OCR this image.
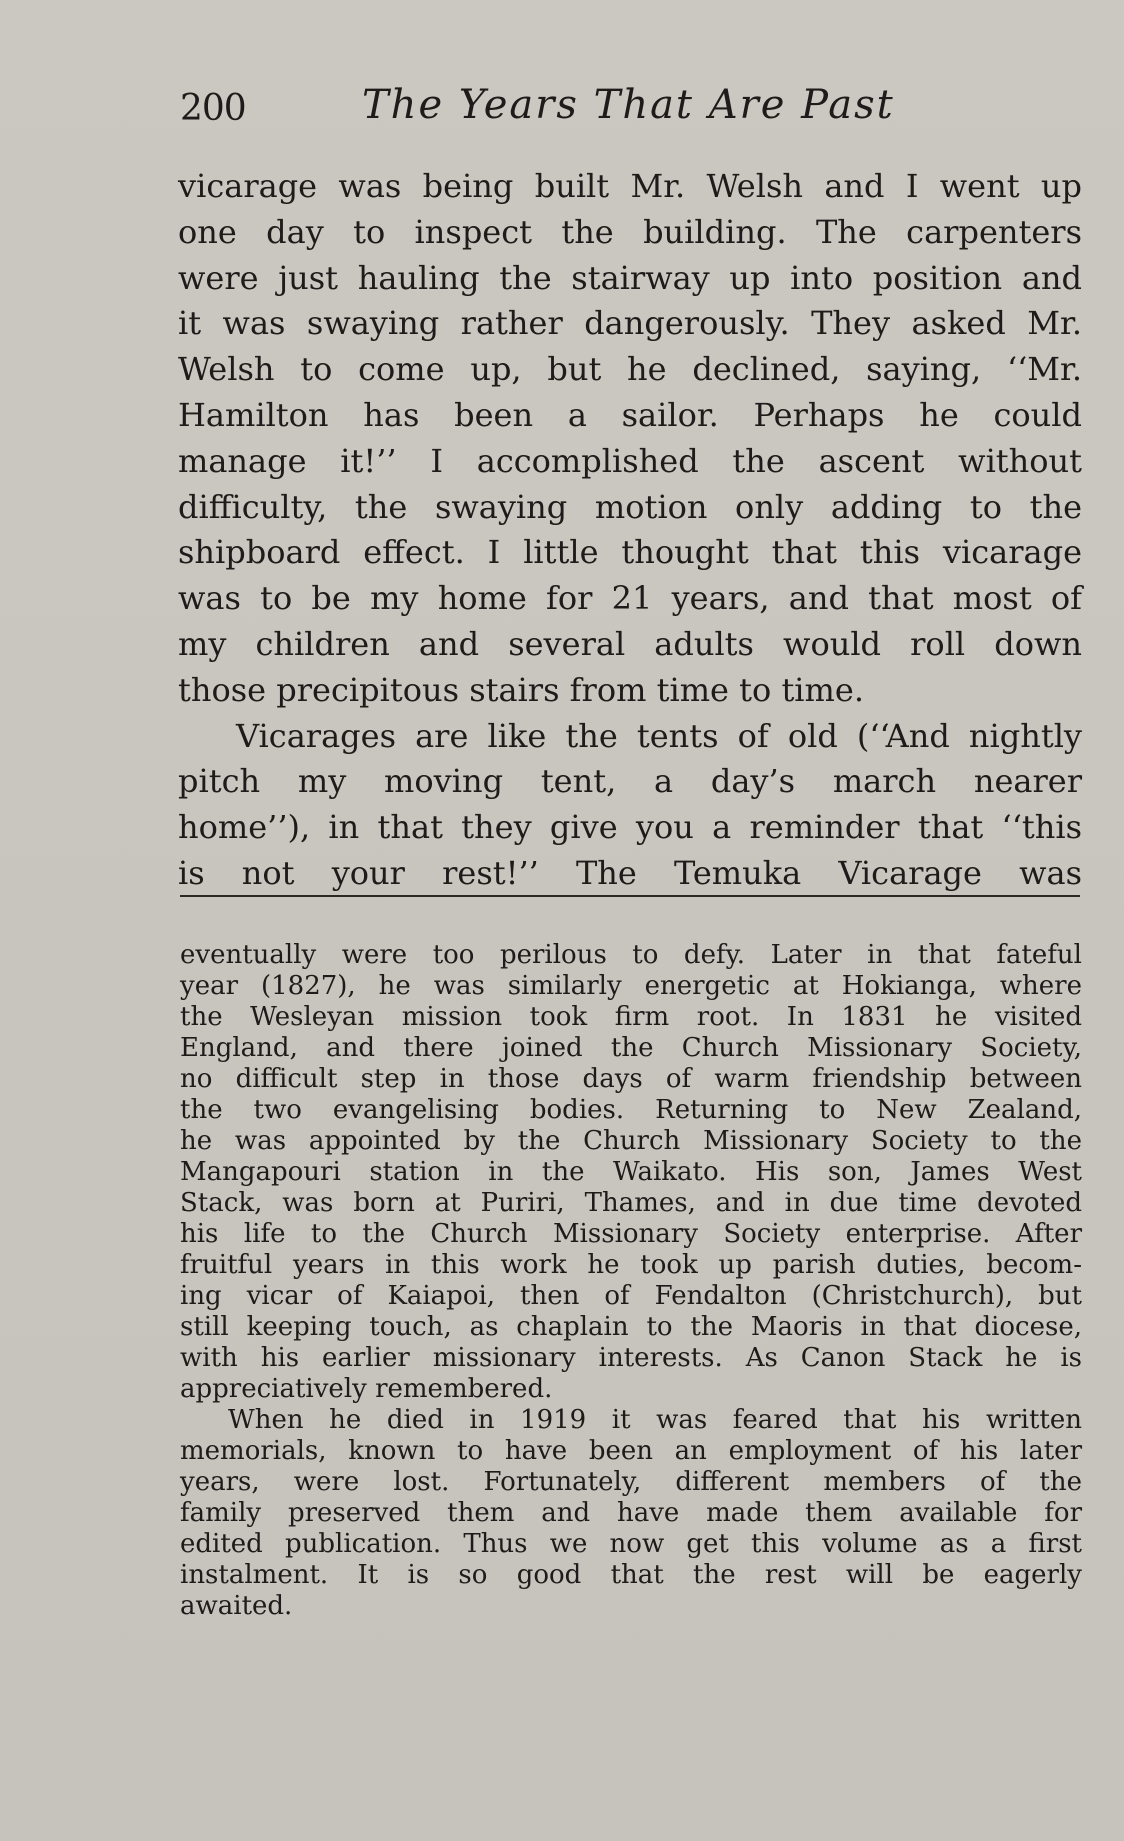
200	The Years That Are Past

vicarage was being built Mr. Welsh and I went up

one day to inspect the building. The carpenters

were just hauling the stairway up into position and

it was swaying rather dangerously. They asked Mr.

Welsh to come up, but he declined, saying, ‘‘Mr.

Hamilton has been a sailor. Perhaps he could

manage it!’’ I accomplished the ascent without

difficulty, the swaying motion only adding to the

shipboard effect. I little thought that this vicarage

was to be my home for 21 years, and that most of

my children and several adults would roll down

those precipitous stairs from time to time.

Vicarages are like the tents of old (‘‘And nightly

pitch my moving tent, a day’s march nearer

home’’), in that they give you a reminder that ‘‘this

is not your rest!’’ The Temuka Vicarage was

eventually were too perilous to defy. Later in that fateful

year (1827), he was similarly energetic at Hokianga, where

the Wesleyan mission took firm root. In 1831 he visited

England, and there joined the Church Missionary Society,

no difficult step in those days of warm friendship between

the two evangelising bodies. Returning to New Zealand,

he was appointed by the Church Missionary Society to the

Mangapouri station in the Waikato. His son, James West

Stack, was born at Puriri, Thames, and in due time devoted

his life to the Church Missionary Society enterprise. After

fruitful years in this work he took up parish duties, becom-

ing vicar of Kaiapoi, then of Fendalton (Christchurch), but

still keeping touch, as chaplain to the Maoris in that diocese,

with his earlier missionary interests. As Canon Stack he is

appreciatively remembered.

When he died in 1919 it was feared that his written

memorials, known to have been an employment of his later

years, were lost. Fortunately, different members of the

family preserved them and have made them available for

edited publication. Thus we now get this volume as a first

instalment. It is so good that the rest will be eagerly

awaited.
